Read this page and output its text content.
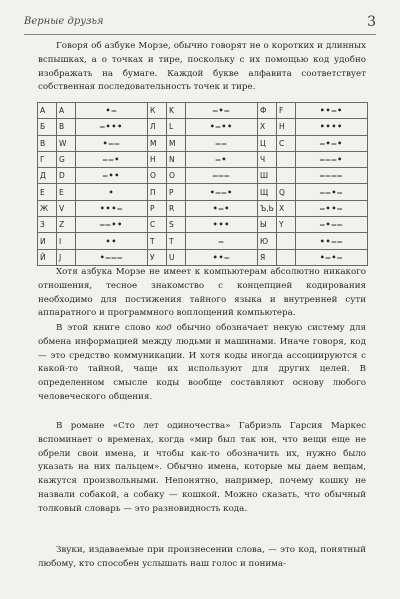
Верные друзья	3

Говоря об азбуке Морзе, обычно говорят не о коротких и длинных вспышках, а о точках и тире, поскольку с их помощью код удобно изображать на бумаге. Каждой букве алфавита соответствует собственная последовательность точек и тире.

А	A	•—	К	K	—•—	Ф	F	••—•
Б	B	—•••	Л	L	•—••	Х	H	••••
В	W	•——	М	M	——	Ц	C	—•—•
Г	G	——•	Н	N	—•	Ч		———•
Д	D	—••	О	O	———	Ш		————
Е	E	•	П	P	•——•	Щ	Q	——•—
Ж	V	•••—	Р	R	•—•	Ъ,Ь	X	—••—
З	Z	——••	С	S	•••	Ы	Y	—•——
И	I	••	Т	T	—	Ю		••——
Й	J	•———	У	U	••—	Я		•—•—

Хотя азбука Морзе не имеет к компьютерам абсолютно никакого отношения, тесное знакомство с концепцией кодирования необходимо для постижения тайного языка и внутренней сути аппаратного и программного воплощений компьютера.

В этой книге слово код обычно обозначает некую систему для обмена информацией между людьми и машинами. Иначе говоря, код — это средство коммуникации. И хотя коды иногда ассоциируются с какой-то тайной, чаще их используют для других целей. В определенном смысле коды вообще составляют основу любого человеческого общения.

В романе «Сто лет одиночества» Габриэль Гарсия Маркес вспоминает о временах, когда «мир был так юн, что вещи еще не обрели свои имена, и чтобы как-то обозначить их, нужно было указать на них пальцем». Обычно имена, которые мы даем вещам, кажутся произвольными. Непонятно, например, почему кошку не назвали собакой, а собаку — кошкой. Можно сказать, что обычный толковый словарь — это разновидность кода.

Звуки, издаваемые при произнесении слова, — это код, понятный любому, кто способен услышать наш голос и понима-
